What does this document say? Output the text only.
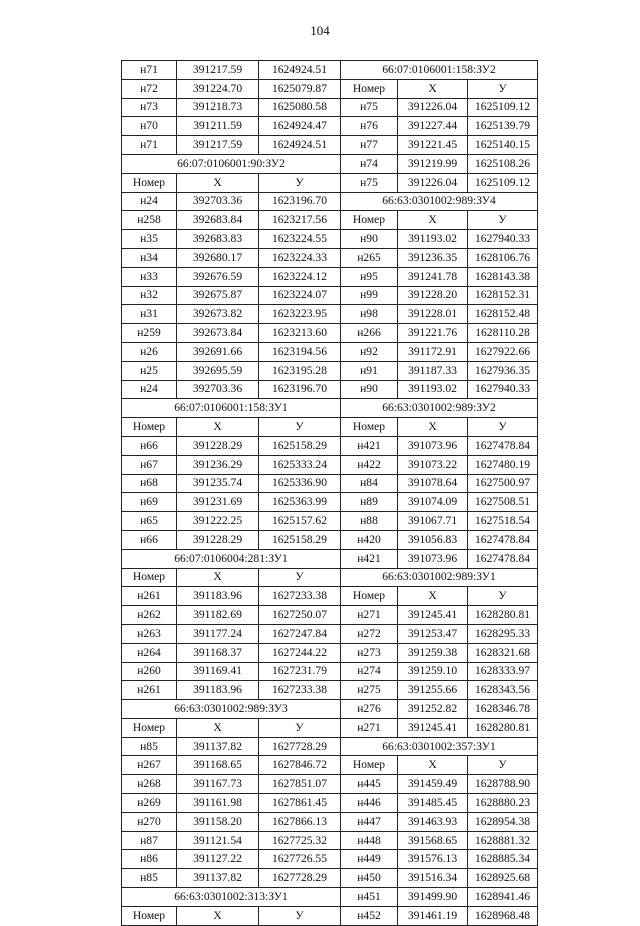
104
н71	391217.59	1624924.51	66:07:0106001:158:ЗУ2		
н72	391224.70	1625079.87	Номер	X	У
н73	391218.73	1625080.58	н75	391226.04	1625109.12
н70	391211.59	1624924.47	н76	391227.44	1625139.79
н71	391217.59	1624924.51	н77	391221.45	1625140.15
66:07:0106001:90:ЗУ2			н74	391219.99	1625108.26
Номер	X	У	н75	391226.04	1625109.12
н24	392703.36	1623196.70	66:63:0301002:989:ЗУ4		
н258	392683.84	1623217.56	Номер	X	У
н35	392683.83	1623224.55	н90	391193.02	1627940.33
н34	392680.17	1623224.33	н265	391236.35	1628106.76
н33	392676.59	1623224.12	н95	391241.78	1628143.38
н32	392675.87	1623224.07	н99	391228.20	1628152.31
н31	392673.82	1623223.95	н98	391228.01	1628152.48
н259	392673.84	1623213.60	н266	391221.76	1628110.28
н26	392691.66	1623194.56	н92	391172.91	1627922.66
н25	392695.59	1623195.28	н91	391187.33	1627936.35
н24	392703.36	1623196.70	н90	391193.02	1627940.33
66:07:0106001:158:ЗУ1			66:63:0301002:989:ЗУ2		
Номер	X	У	Номер	X	У
н66	391228.29	1625158.29	н421	391073.96	1627478.84
н67	391236.29	1625333.24	н422	391073.22	1627480.19
н68	391235.74	1625336.90	н84	391078.64	1627500.97
н69	391231.69	1625363.99	н89	391074.09	1627508.51
н65	391222.25	1625157.62	н88	391067.71	1627518.54
н66	391228.29	1625158.29	н420	391056.83	1627478.84
66:07:0106004:281:ЗУ1			н421	391073.96	1627478.84
Номер	X	У	66:63:0301002:989:ЗУ1		
н261	391183.96	1627233.38	Номер	X	У
н262	391182.69	1627250.07	н271	391245.41	1628280.81
н263	391177.24	1627247.84	н272	391253.47	1628295.33
н264	391168.37	1627244.22	н273	391259.38	1628321.68
н260	391169.41	1627231.79	н274	391259.10	1628333.97
н261	391183.96	1627233.38	н275	391255.66	1628343.56
66:63:0301002:989:ЗУ3			н276	391252.82	1628346.78
Номер	X	У	н271	391245.41	1628280.81
н85	391137.82	1627728.29	66:63:0301002:357:ЗУ1		
н267	391168.65	1627846.72	Номер	X	У
н268	391167.73	1627851.07	н445	391459.49	1628788.90
н269	391161.98	1627861.45	н446	391485.45	1628880.23
н270	391158.20	1627866.13	н447	391463.93	1628954.38
н87	391121.54	1627725.32	н448	391568.65	1628881.32
н86	391127.22	1627726.55	н449	391576.13	1628885.34
н85	391137.82	1627728.29	н450	391516.34	1628925.68
66:63:0301002:313:ЗУ1			н451	391499.90	1628941.46
Номер	X	У	н452	391461.19	1628968.48
